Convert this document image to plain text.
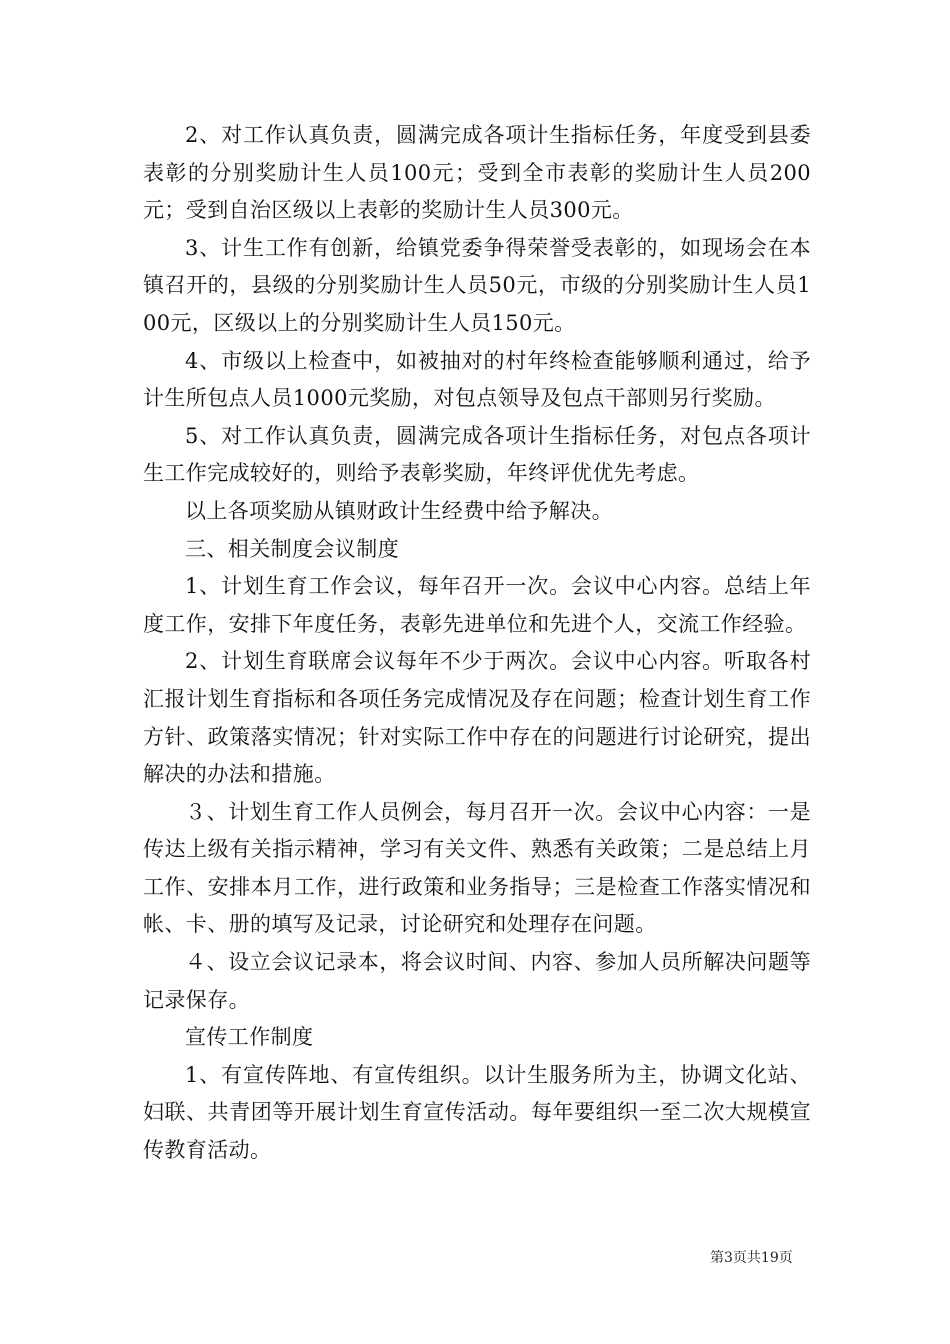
2、对工作认真负责，圆满完成各项计生指标任务，年度受到县委表彰的分别奖励计生人员100元；受到全市表彰的奖励计生人员200元；受到自治区级以上表彰的奖励计生人员300元。

3、计生工作有创新，给镇党委争得荣誉受表彰的，如现场会在本镇召开的，县级的分别奖励计生人员50元，市级的分别奖励计生人员100元，区级以上的分别奖励计生人员150元。

4、市级以上检查中，如被抽对的村年终检查能够顺利通过，给予计生所包点人员1000元奖励，对包点领导及包点干部则另行奖励。

5、对工作认真负责，圆满完成各项计生指标任务，对包点各项计生工作完成较好的，则给予表彰奖励，年终评优优先考虑。

以上各项奖励从镇财政计生经费中给予解决。

三、相关制度会议制度

1、计划生育工作会议，每年召开一次。会议中心内容。总结上年度工作，安排下年度任务，表彰先进单位和先进个人，交流工作经验。

2、计划生育联席会议每年不少于两次。会议中心内容。听取各村汇报计划生育指标和各项任务完成情况及存在问题；检查计划生育工作方针、政策落实情况；针对实际工作中存在的问题进行讨论研究，提出解决的办法和措施。

３、计划生育工作人员例会，每月召开一次。会议中心内容：一是传达上级有关指示精神，学习有关文件、熟悉有关政策；二是总结上月工作、安排本月工作，进行政策和业务指导；三是检查工作落实情况和帐、卡、册的填写及记录，讨论研究和处理存在问题。

４、设立会议记录本，将会议时间、内容、参加人员所解决问题等记录保存。

宣传工作制度

1、有宣传阵地、有宣传组织。以计生服务所为主，协调文化站、妇联、共青团等开展计划生育宣传活动。每年要组织一至二次大规模宣传教育活动。

第3页共19页
